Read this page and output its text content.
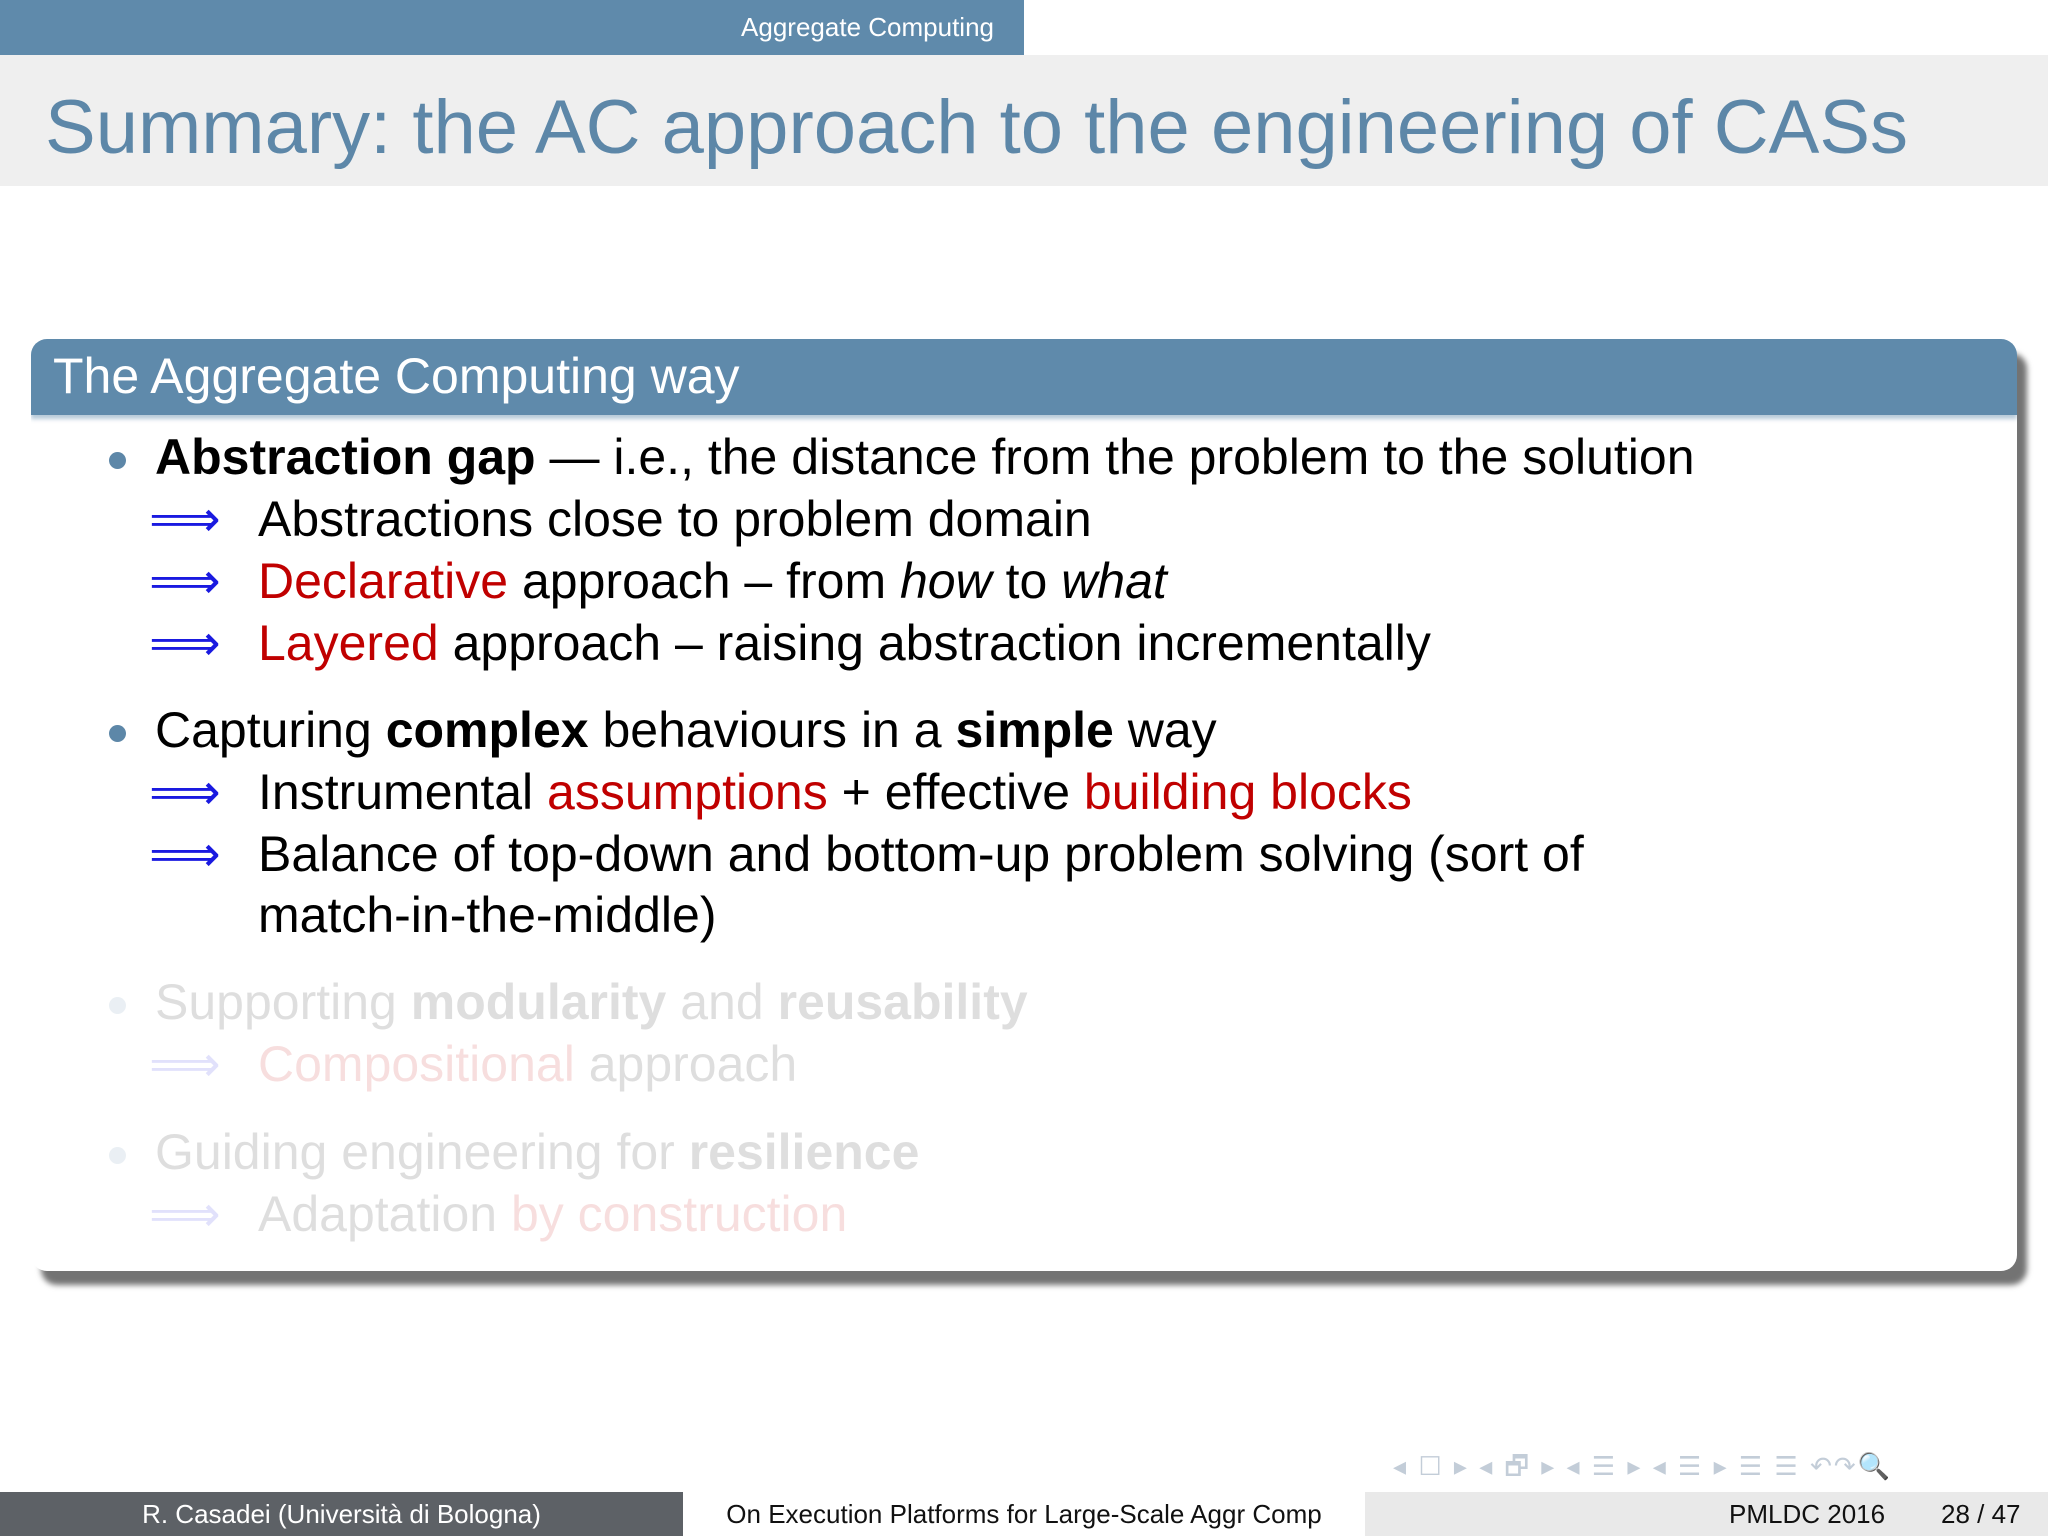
Aggregate Computing
Summary: the AC approach to the engineering of CASs
The Aggregate Computing way
Abstraction gap — i.e., the distance from the problem to the solution
⟹ Abstractions close to problem domain
⟹ Declarative approach – from how to what
⟹ Layered approach – raising abstraction incrementally
Capturing complex behaviours in a simple way
⟹ Instrumental assumptions + effective building blocks
⟹ Balance of top-down and bottom-up problem solving (sort of
match-in-the-middle)
Supporting modularity and reusability
⟹ Compositional approach
Guiding engineering for resilience
⟹ Adaptation by construction
◂ ☐ ▸ ◂ 🗗 ▸ ◂ ☰ ▸ ◂ ☰ ▸ ☰ ☰ ↶↷🔍
R. Casadei (Università di Bologna)	On Execution Platforms for Large-Scale Aggr Comp	PMLDC 2016 28 / 47
